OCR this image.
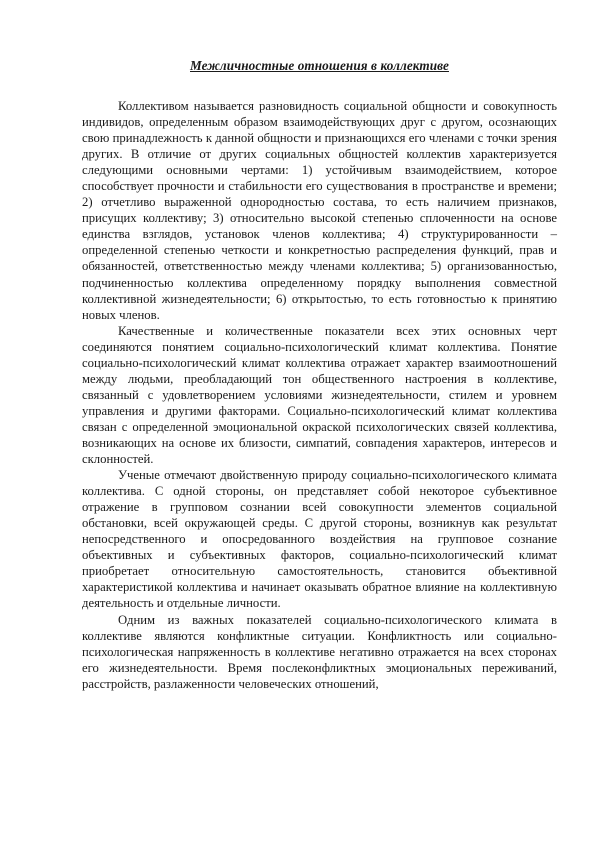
Межличностные отношения в коллективе

Коллективом называется разновидность социальной общности и совокупность индивидов, определенным образом взаимодействующих друг с другом, осознающих свою принадлежность к данной общности и признающихся его членами с точки зрения других. В отличие от других социальных общностей коллектив характеризуется следующими основными чертами: 1) устойчивым взаимодействием, которое способствует прочности и стабильности его существования в пространстве и времени; 2) отчетливо выраженной однородностью состава, то есть наличием признаков, присущих коллективу; 3) относительно высокой степенью сплоченности на основе единства взглядов, установок членов коллектива; 4) структурированности – определенной степенью четкости и конкретностью распределения функций, прав и обязанностей, ответственностью между членами коллектива; 5) организованностью, подчиненностью коллектива определенному порядку выполнения совместной коллективной жизнедеятельности; 6) открытостью, то есть готовностью к принятию новых членов.

Качественные и количественные показатели всех этих основных черт соединяются понятием социально-психологический климат коллектива. Понятие социально-психологический климат коллектива отражает характер взаимоотношений между людьми, преобладающий тон общественного настроения в коллективе, связанный с удовлетворением условиями жизнедеятельности, стилем и уровнем управления и другими факторами. Социально-психологический климат коллектива связан с определенной эмоциональной окраской психологических связей коллектива, возникающих на основе их близости, симпатий, совпадения характеров, интересов и склонностей.

Ученые отмечают двойственную природу социально-психологического климата коллектива. С одной стороны, он представляет собой некоторое субъективное отражение в групповом сознании всей совокупности элементов социальной обстановки, всей окружающей среды. С другой стороны, возникнув как результат непосредственного и опосредованного воздействия на групповое сознание объективных и субъективных факторов, социально-психологический климат приобретает относительную самостоятельность, становится объективной характеристикой коллектива и начинает оказывать обратное влияние на коллективную деятельность и отдельные личности.

Одним из важных показателей социально-психологического климата в коллективе являются конфликтные ситуации. Конфликтность или социально-психологическая напряженность в коллективе негативно отражается на всех сторонах его жизнедеятельности. Время послеконфликтных эмоциональных переживаний, расстройств, разлаженности человеческих отношений,
